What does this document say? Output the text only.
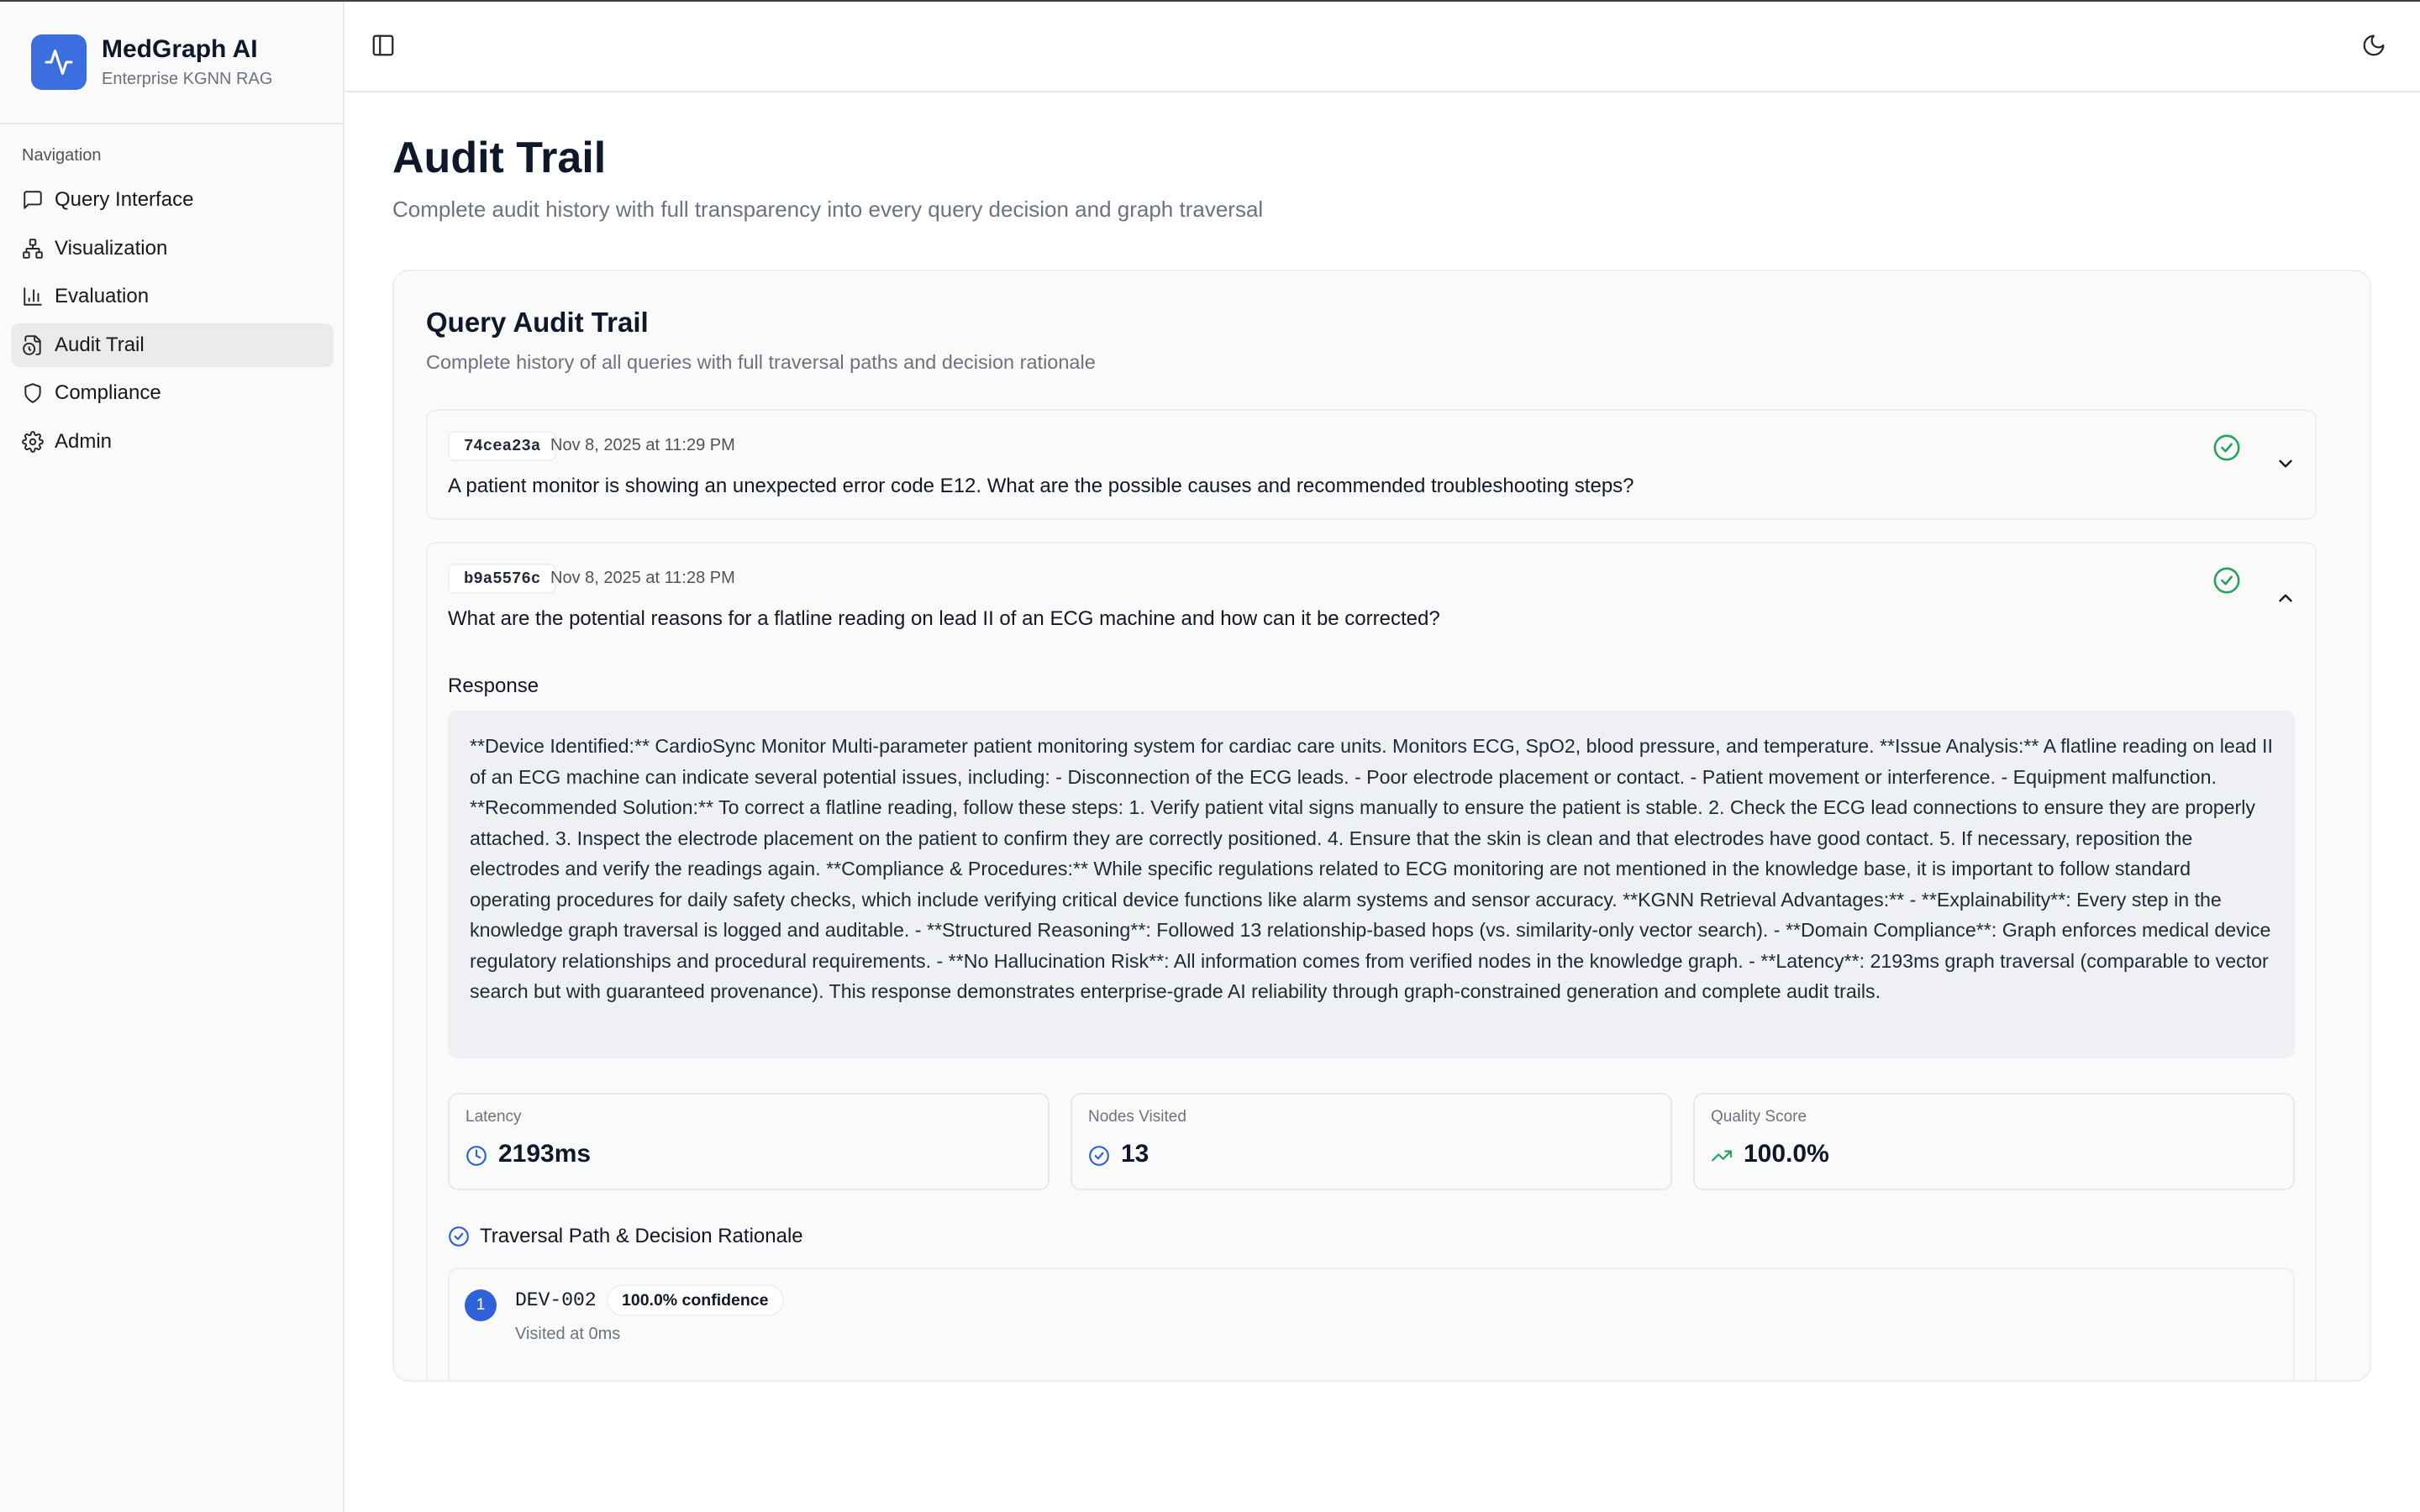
MedGraph AI
Enterprise KGNN RAG
Navigation
Query Interface
Visualization
Evaluation
Audit Trail
Compliance
Admin
Audit Trail

Complete audit history with full transparency into every query decision and graph traversal

Query Audit Trail

Complete history of all queries with full traversal paths and decision rationale

74cea23a Nov 8, 2025 at 11:29 PM

A patient monitor is showing an unexpected error code E12. What are the possible causes and recommended troubleshooting steps?

b9a5576c Nov 8, 2025 at 11:28 PM

What are the potential reasons for a flatline reading on lead II of an ECG machine and how can it be corrected?

Response
**Device Identified:** CardioSync Monitor Multi-parameter patient monitoring system for cardiac care units. Monitors ECG, SpO2, blood pressure, and temperature. **Issue Analysis:** A flatline reading on lead II of an ECG machine can indicate several potential issues, including: - Disconnection of the ECG leads. - Poor electrode placement or contact. - Patient movement or interference. - Equipment malfunction. **Recommended Solution:** To correct a flatline reading, follow these steps: 1. Verify patient vital signs manually to ensure the patient is stable. 2. Check the ECG lead connections to ensure they are properly attached. 3. Inspect the electrode placement on the patient to confirm they are correctly positioned. 4. Ensure that the skin is clean and that electrodes have good contact. 5. If necessary, reposition the electrodes and verify the readings again. **Compliance & Procedures:** While specific regulations related to ECG monitoring are not mentioned in the knowledge base, it is important to follow standard operating procedures for daily safety checks, which include verifying critical device functions like alarm systems and sensor accuracy. **KGNN Retrieval Advantages:** - **Explainability**: Every step in the knowledge graph traversal is logged and auditable. - **Structured Reasoning**: Followed 13 relationship-based hops (vs. similarity-only vector search). - **Domain Compliance**: Graph enforces medical device regulatory relationships and procedural requirements. - **No Hallucination Risk**: All information comes from verified nodes in the knowledge graph. - **Latency**: 2193ms graph traversal (comparable to vector search but with guaranteed provenance). This response demonstrates enterprise-grade AI reliability through graph-constrained generation and complete audit trails.
Latency
2193ms
Nodes Visited
13
Quality Score
100.0%
Traversal Path & Decision Rationale
1	DEV-002	100.0% confidence
Visited at 0ms
